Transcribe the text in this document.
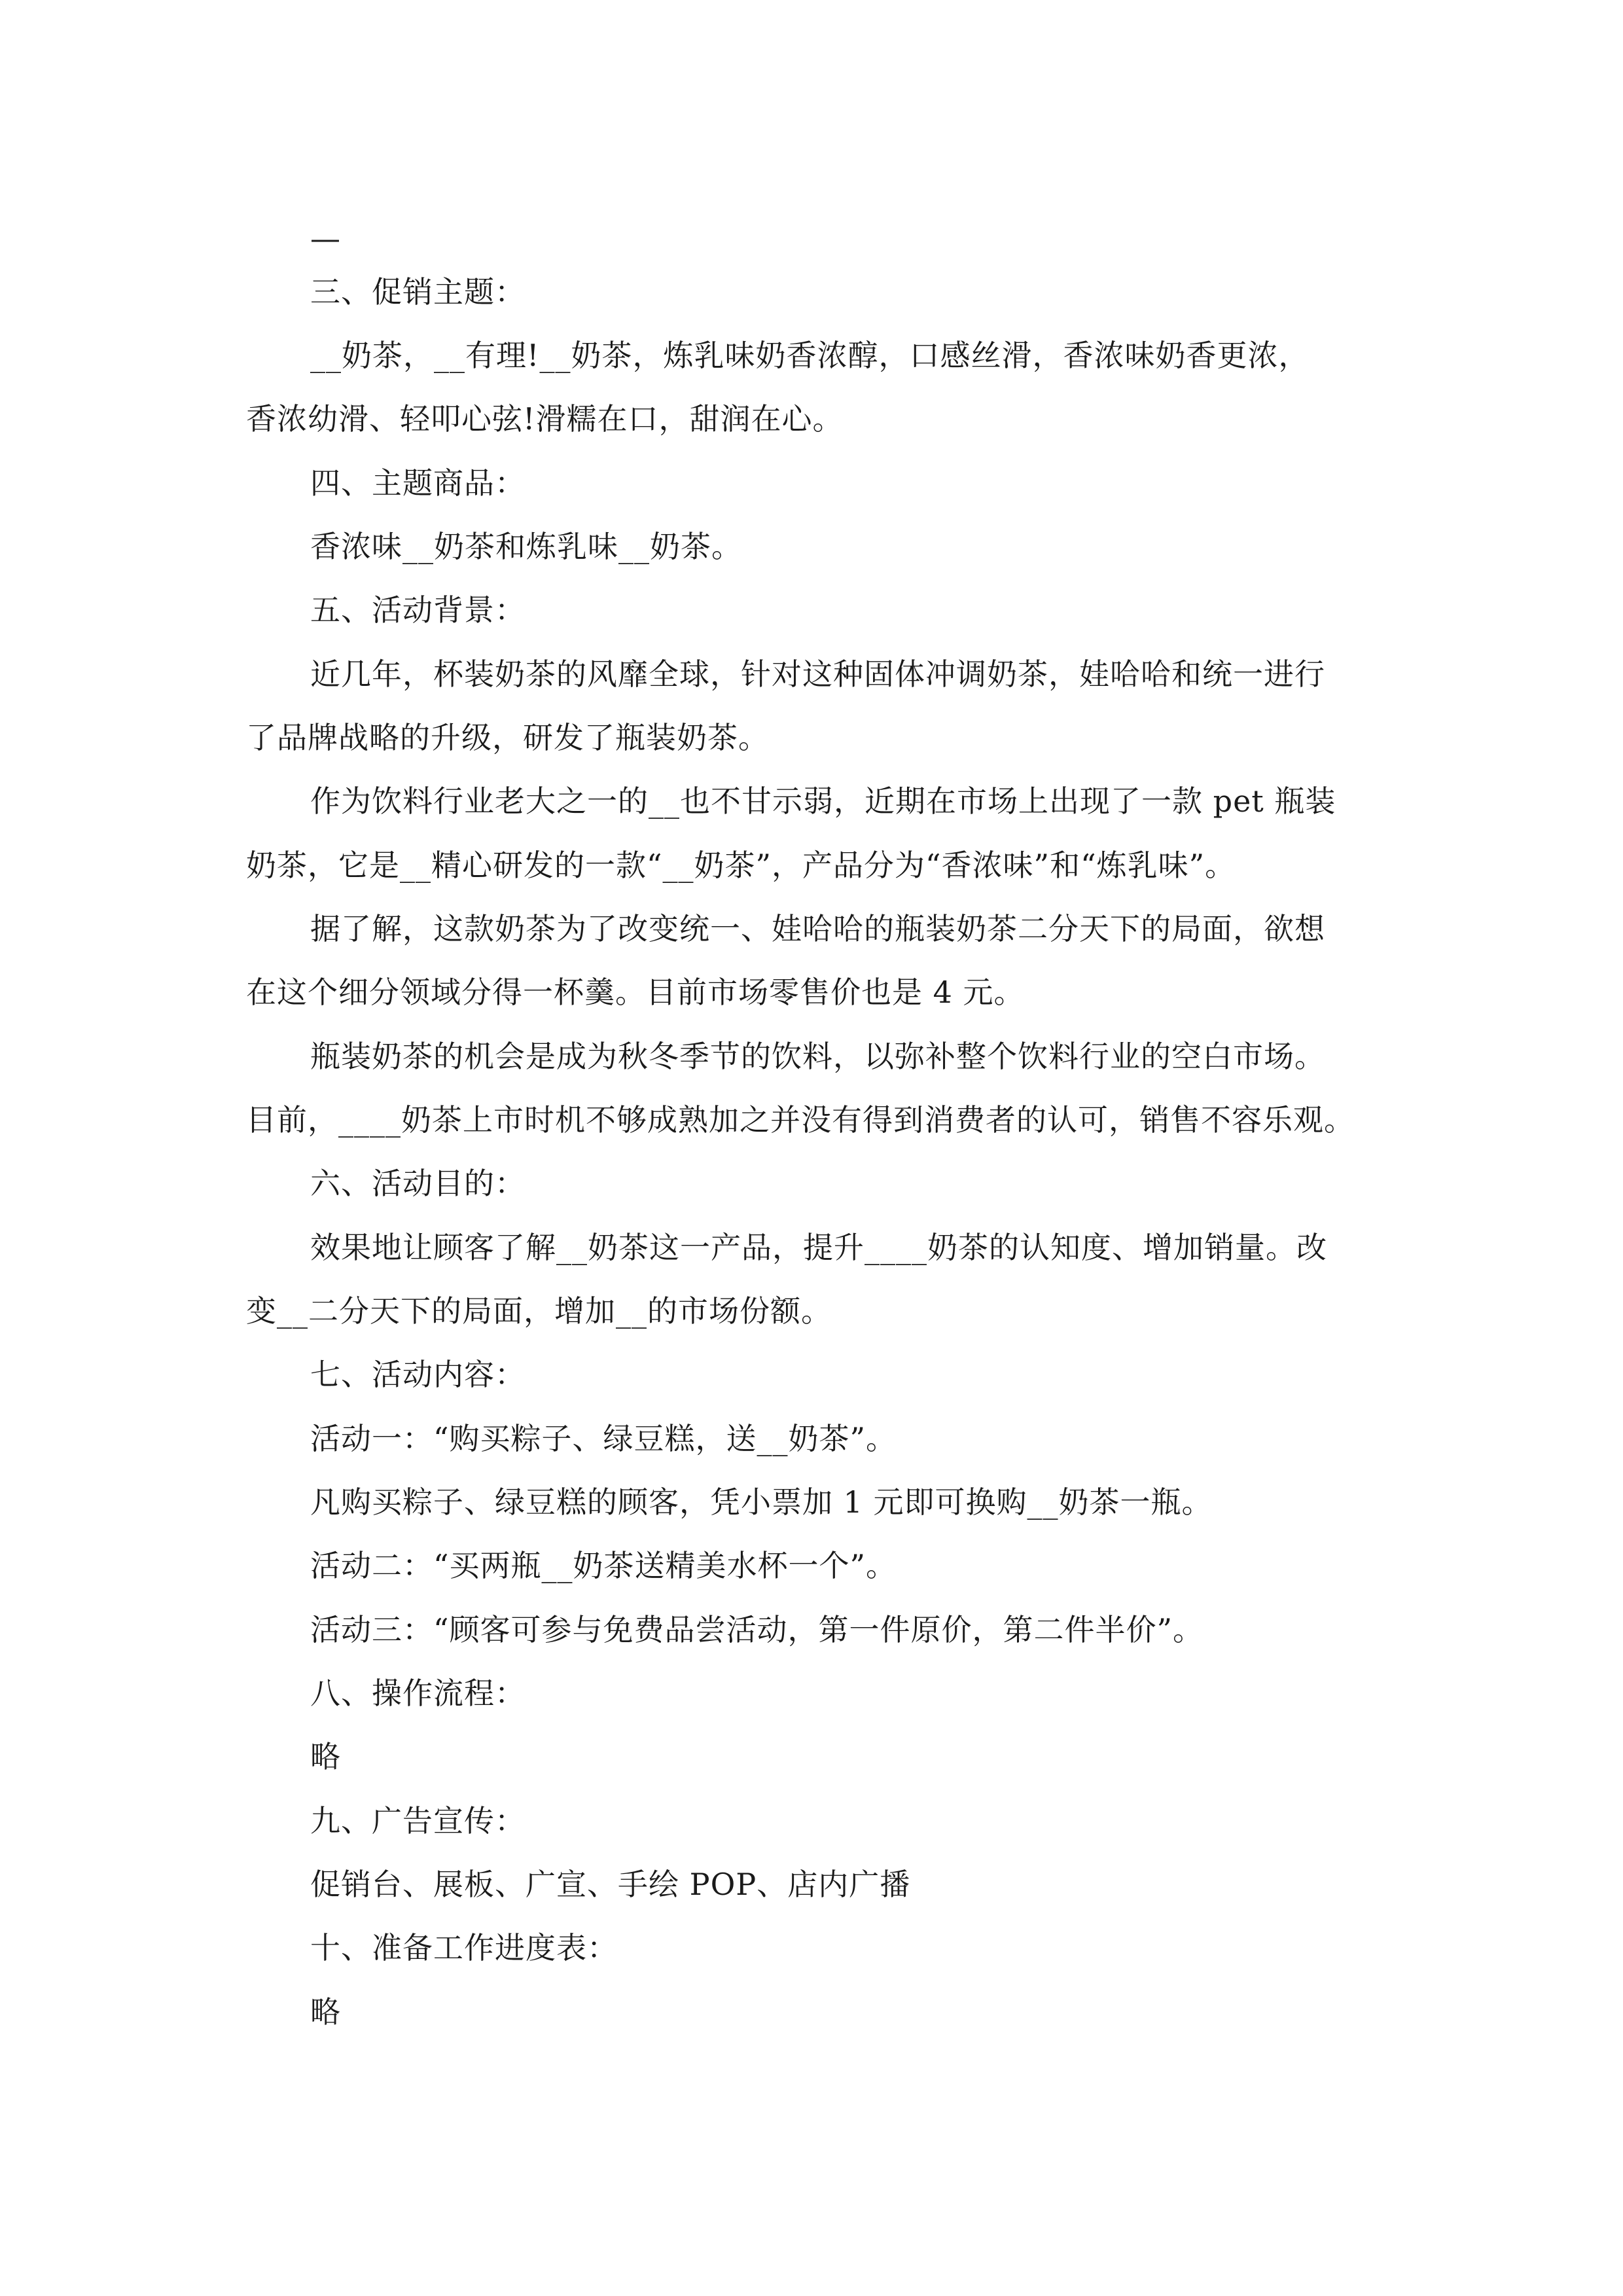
—
三、促销主题：
__奶茶，__有理!__奶茶，炼乳味奶香浓醇，口感丝滑，香浓味奶香更浓，
香浓幼滑、轻叩心弦!滑糯在口，甜润在心。
四、主题商品：
香浓味__奶茶和炼乳味__奶茶。
五、活动背景：
近几年，杯装奶茶的风靡全球，针对这种固体冲调奶茶，娃哈哈和统一进行
了品牌战略的升级，研发了瓶装奶茶。
作为饮料行业老大之一的__也不甘示弱，近期在市场上出现了一款 pet 瓶装
奶茶，它是__精心研发的一款“__奶茶”，产品分为“香浓味”和“炼乳味”。
据了解，这款奶茶为了改变统一、娃哈哈的瓶装奶茶二分天下的局面，欲想
在这个细分领域分得一杯羹。目前市场零售价也是 4 元。
瓶装奶茶的机会是成为秋冬季节的饮料，以弥补整个饮料行业的空白市场。
目前，____奶茶上市时机不够成熟加之并没有得到消费者的认可，销售不容乐观。
六、活动目的：
效果地让顾客了解__奶茶这一产品，提升____奶茶的认知度、增加销量。改
变__二分天下的局面，增加__的市场份额。
七、活动内容：
活动一：“购买粽子、绿豆糕，送__奶茶”。
凡购买粽子、绿豆糕的顾客，凭小票加 1 元即可换购__奶茶一瓶。
活动二：“买两瓶__奶茶送精美水杯一个”。
活动三：“顾客可参与免费品尝活动，第一件原价，第二件半价”。
八、操作流程：
略
九、广告宣传：
促销台、展板、广宣、手绘 POP、店内广播
十、准备工作进度表：
略
